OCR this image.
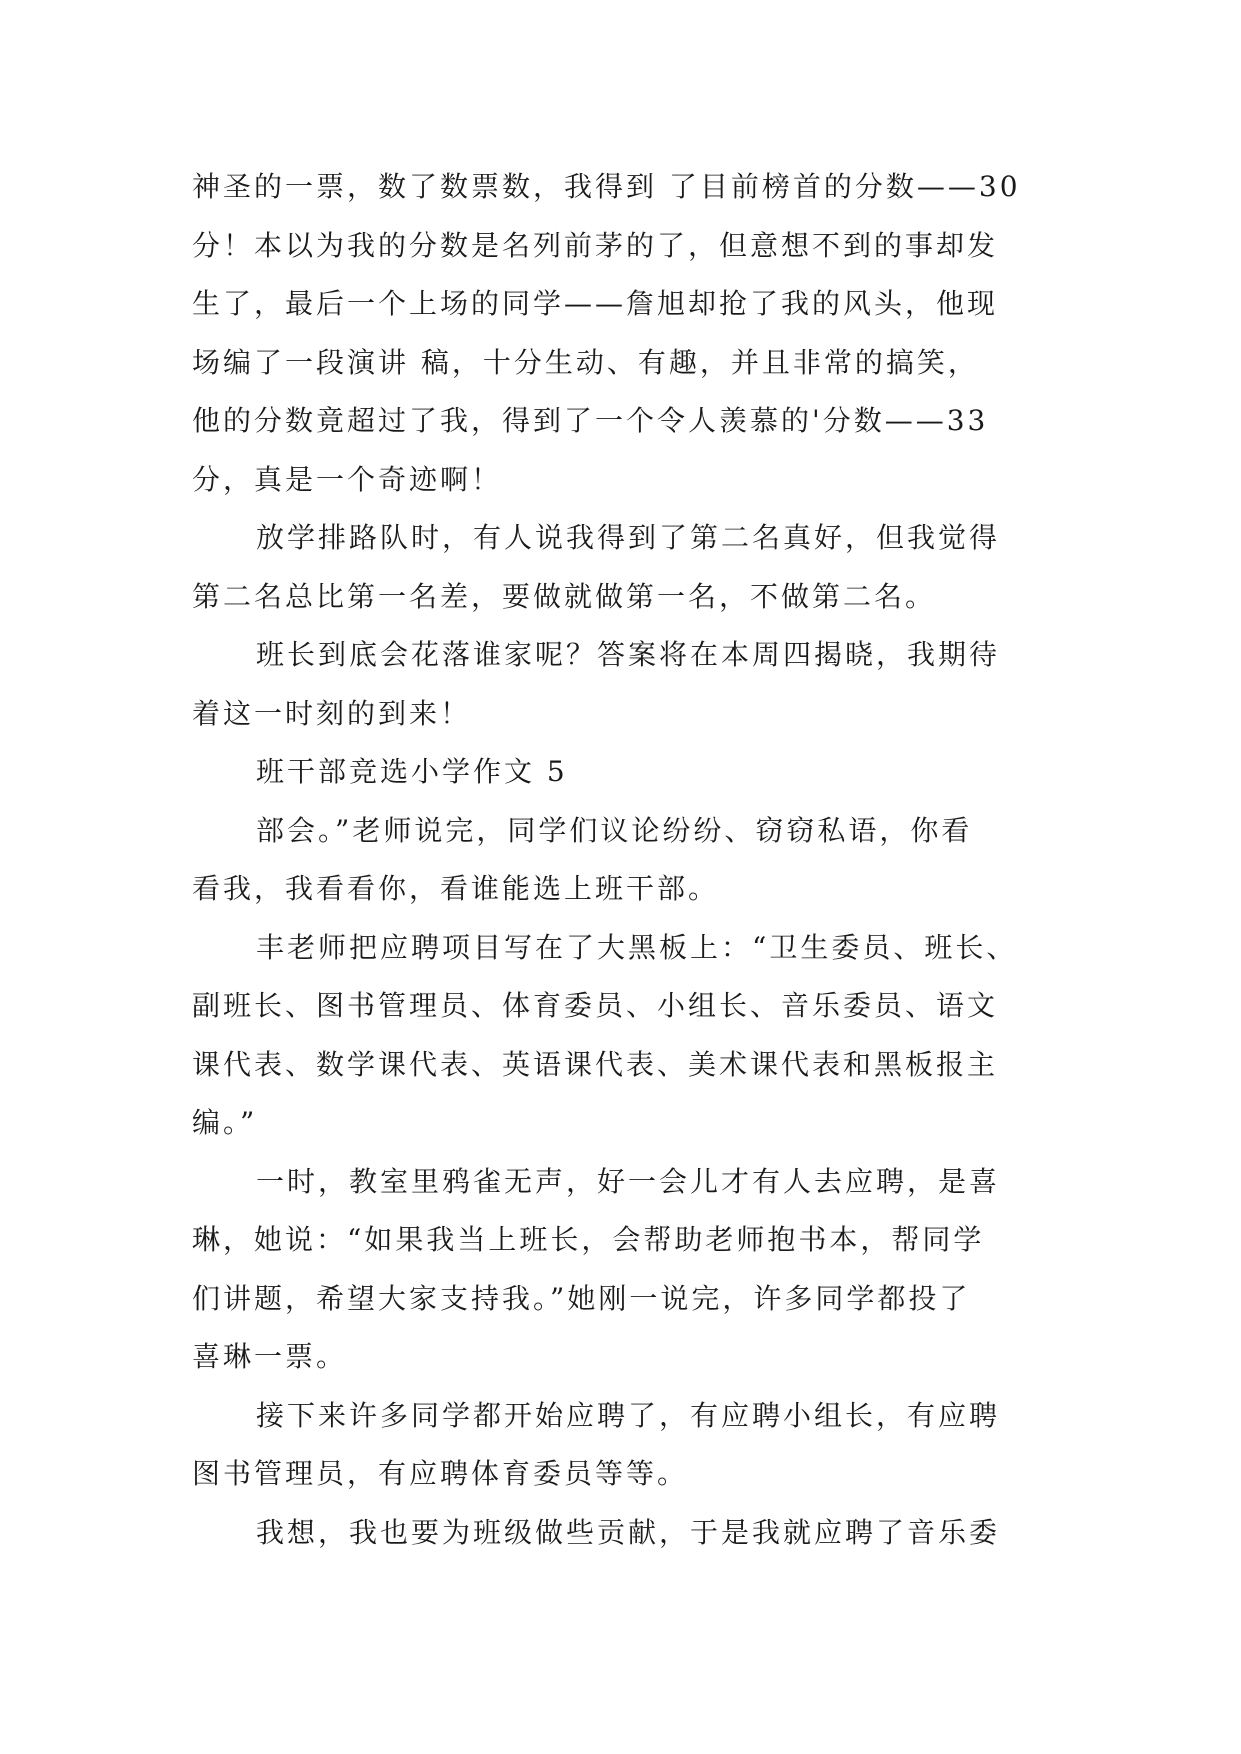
神圣的一票，数了数票数，我得到 了目前榜首的分数——30
分！本以为我的分数是名列前茅的了，但意想不到的事却发
生了，最后一个上场的同学——詹旭却抢了我的风头，他现
场编了一段演讲 稿，十分生动、有趣，并且非常的搞笑，
他的分数竟超过了我，得到了一个令人羡慕的'分数——33
分，真是一个奇迹啊！

放学排路队时，有人说我得到了第二名真好，但我觉得
第二名总比第一名差，要做就做第一名，不做第二名。

班长到底会花落谁家呢？答案将在本周四揭晓，我期待
着这一时刻的到来！

班干部竞选小学作文 5

部会。”老师说完，同学们议论纷纷、窃窃私语，你看
看我，我看看你，看谁能选上班干部。

丰老师把应聘项目写在了大黑板上：“卫生委员、班长、
副班长、图书管理员、体育委员、小组长、音乐委员、语文
课代表、数学课代表、英语课代表、美术课代表和黑板报主
编。”

一时，教室里鸦雀无声，好一会儿才有人去应聘，是喜
琳，她说：“如果我当上班长，会帮助老师抱书本，帮同学
们讲题，希望大家支持我。”她刚一说完，许多同学都投了
喜琳一票。

接下来许多同学都开始应聘了，有应聘小组长，有应聘
图书管理员，有应聘体育委员等等。

我想，我也要为班级做些贡献，于是我就应聘了音乐委
